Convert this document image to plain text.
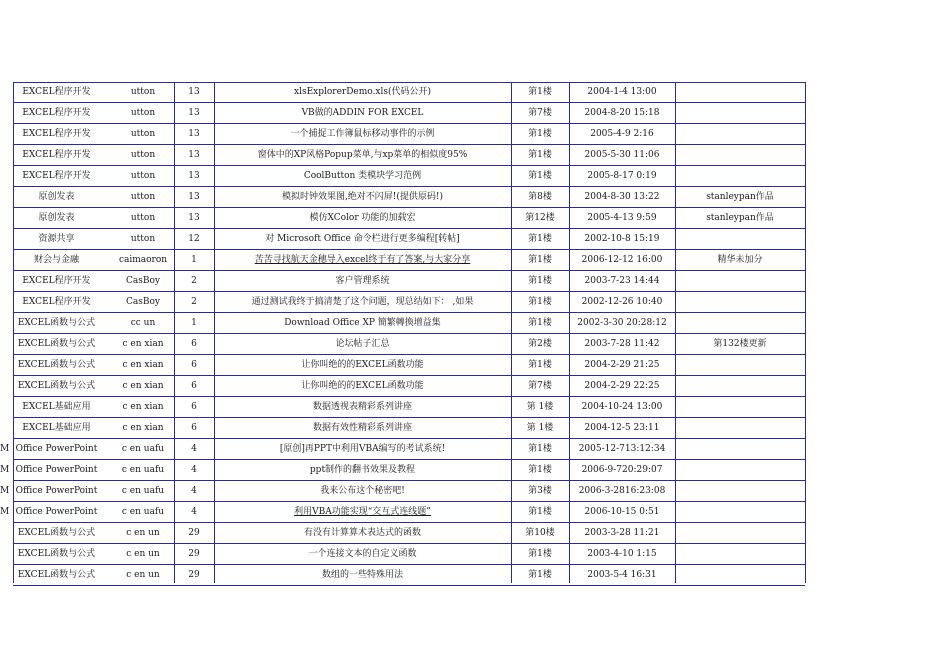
EXCEL程序开发	utton	13	xlsExplorerDemo.xls(代码公开)	第1楼	2004-1-4 13:00
EXCEL程序开发	utton	13	VB做的ADDIN FOR EXCEL	第7楼	2004-8-20 15:18
EXCEL程序开发	utton	13	一个捕捉工作簿鼠标移动事件的示例	第1楼	2005-4-9 2:16
EXCEL程序开发	utton	13	窗体中的XP风格Popup菜单,与xp菜单的相似度95%	第1楼	2005-5-30 11:06
EXCEL程序开发	utton	13	CoolButton 类模块学习范例	第1楼	2005-8-17 0:19
原创发表	utton	13	模拟时钟效果图,绝对不闪屏!(提供原码!)	第8楼	2004-8-30 13:22	stanleypan作品
原创发表	utton	13	模仿XColor 功能的加载宏	第12楼	2005-4-13 9:59	stanleypan作品
资源共享	utton	12	对 Microsoft Office 命令栏进行更多编程[转帖]	第1楼	2002-10-8 15:19
财会与金融	caimaoron	1	苦苦寻找航天金穗导入excel终于有了答案,与大家分享	第1楼	2006-12-12 16:00	精华未加分
EXCEL程序开发	CasBoy	2	客户管理系统	第1楼	2003-7-23 14:44
EXCEL程序开发	CasBoy	2	通过测试我终于搞清楚了这个问题，现总结如下： ,如果	第1楼	2002-12-26 10:40
EXCEL函数与公式	cc un	1	Download Office XP 簡繁轉換增益集	第1楼	2002-3-30 20:28:12
EXCEL函数与公式	c en xian	6	论坛帖子汇总	第2楼	2003-7-28 11:42	第132楼更新
EXCEL函数与公式	c en xian	6	让你叫绝的的EXCEL函数功能	第1楼	2004-2-29 21:25
EXCEL函数与公式	c en xian	6	让你叫绝的的EXCEL函数功能	第7楼	2004-2-29 22:25
EXCEL基础应用	c en xian	6	数据透视表精彩系列讲座	第 1楼	2004-10-24 13:00
EXCEL基础应用	c en xian	6	数据有效性精彩系列讲座	第 1楼	2004-12-5 23:11
M Office PowerPoint	c en uafu	4	[原创]再PPT中利用VBA编写的考试系统!	第1楼	2005-12-713:12:34
M Office PowerPoint	c en uafu	4	ppt制作的翻书效果及教程	第1楼	2006-9-720:29:07
M Office PowerPoint	c en uafu	4	我来公布这个秘密吧!	第3楼	2006-3-2816:23:08
M Office PowerPoint	c en uafu	4	利用VBA功能实现“交互式连线题”	第1楼	2006-10-15 0:51
EXCEL函数与公式	c en un	29	有没有计算算术表达式的函数	第10楼	2003-3-28 11:21
EXCEL函数与公式	c en un	29	一个连接文本的自定义函数	第1楼	2003-4-10 1:15
EXCEL函数与公式	c en un	29	数组的一些特殊用法	第1楼	2003-5-4 16:31
